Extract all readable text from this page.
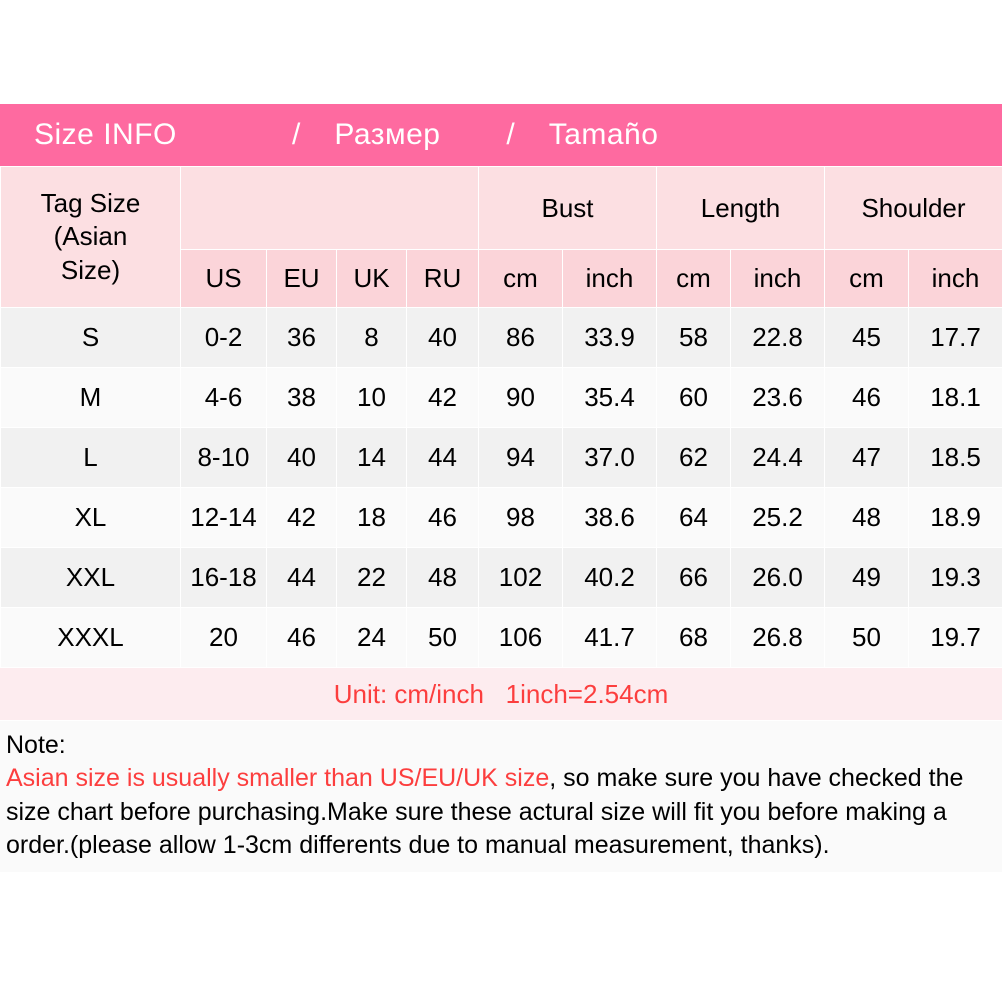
Size INFO	/	Размер	/	Tamaño
Tag Size
(Asian
Size)					Bust		Length		Shoulder	
	US	EU	UK	RU	cm	inch	cm	inch	cm	inch
S	0-2	36	8	40	86	33.9	58	22.8	45	17.7
M	4-6	38	10	42	90	35.4	60	23.6	46	18.1
L	8-10	40	14	44	94	37.0	62	24.4	47	18.5
XL	12-14	42	18	46	98	38.6	64	25.2	48	18.9
XXL	16-18	44	22	48	102	40.2	66	26.0	49	19.3
XXXL	20	46	24	50	106	41.7	68	26.8	50	19.7
Unit: cm/inch   1inch=2.54cm
Note:
Asian size is usually smaller than US/EU/UK size, so make sure you have checked the size chart before purchasing.Make sure these actural size will fit you before making a order.(please allow 1-3cm differents due to manual measurement, thanks).
